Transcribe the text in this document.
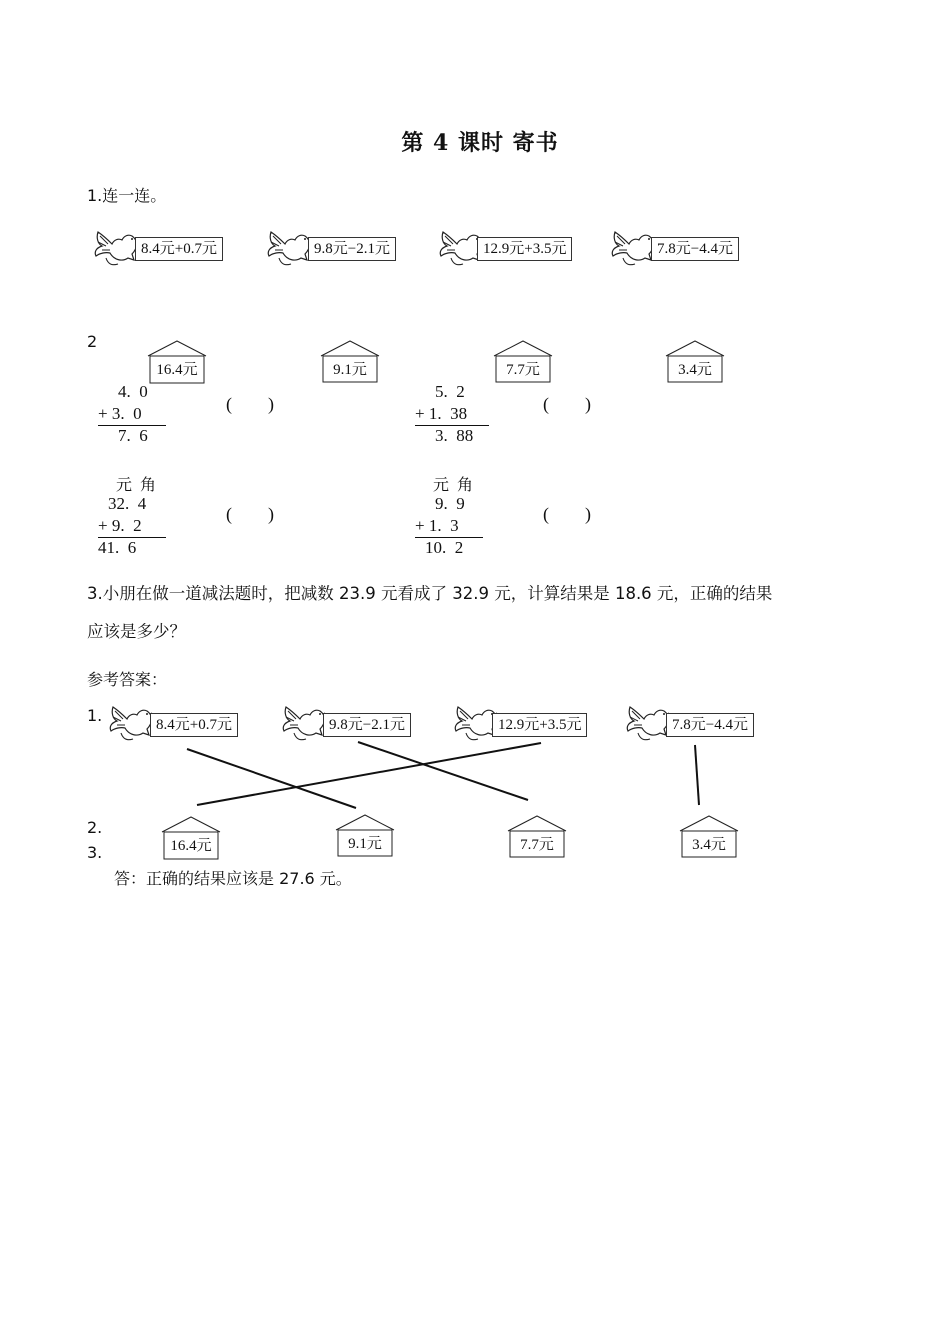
第 4 课时 寄书
1.连一连。
8.4元+0.7元	9.8元−2.1元	12.9元+3.5元	7.8元−4.4元
16.4元	9.1元	7.7元	3.4元
2
4.  0
+ 3.  0
7.  6
(        )
5.  2
+ 1.  38
3.  88
(        )
元  角
32.  4
+ 9.  2
41.  6
(        )
元  角
9.  9
+ 1.  3
10.  2
(        )
3.小朋在做一道减法题时，把减数 23.9 元看成了 32.9 元，计算结果是 18.6 元，正确的结果
应该是多少？
参考答案：
1.	8.4元+0.7元	9.8元−2.1元	12.9元+3.5元	7.8元−4.4元
2.
3.	16.4元	9.1元	7.7元	3.4元
答：正确的结果应该是 27.6 元。
